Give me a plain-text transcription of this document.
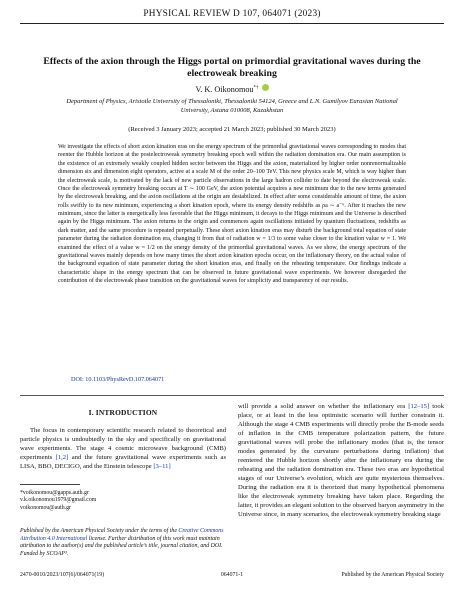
PHYSICAL REVIEW D 107, 064071 (2023)
Effects of the axion through the Higgs portal on primordial gravitational waves during the electroweak breaking
V. K. Oikonomou*†
Department of Physics, Aristotle University of Thessaloniki, Thessaloniki 54124, Greece and L.N. Gumilyov Eurasian National University, Astana 010008, Kazakhstan
(Received 3 January 2023; accepted 21 March 2023; published 30 March 2023)
We investigate the effects of short axion kination eras on the energy spectrum of the primordial gravitational waves corresponding to modes that reenter the Hubble horizon at the postelectroweak symmetry breaking epoch well within the radiation domination era. Our main assumption is the existence of an extremely weakly coupled hidden sector between the Higgs and the axion, materialized by higher order nonrenormalizable dimension six and dimension eight operators, active at a scale M of the order 20–100 TeV. This new physics scale M, which is way higher than the electroweak scale, is motivated by the lack of new particle observations in the large hadron collider to date beyond the electroweak scale. Once the electroweak symmetry breaking occurs at T ∼ 100 GeV, the axion potential acquires a new minimum due to the new terms generated by the electroweak breaking, and the axion oscillations at the origin are destabilized. In effect after some considerable amount of time, the axion rolls swiftly to its new minimum, experiencing a short kination epoch, where its energy density redshifts as ρa ∼ a⁻⁶. After it reaches the new minimum, since the latter is energetically less favorable that the Higgs minimum, it decays to the Higgs minimum and the Universe is described again by the Higgs minimum. The axion returns to the origin and commences again oscillations initiated by quantum fluctuations, redshifts as dark matter, and the same procedure is repeated perpetually. These short axion kination eras may disturb the background total equation of state parameter during the radiation domination era, changing it from that of radiation w = 1/3 to some value closer to the kination value w = 1. We examined the effect of a value w = 1/2 on the energy density of the primordial gravitational waves. As we show, the energy spectrum of the gravitational waves mainly depends on how many times the short axion kination epochs occur, on the inflationary theory, on the actual value of the background equation of state parameter during the short kination eras, and finally on the reheating temperature. Our findings indicate a characteristic shape in the energy spectrum that can be observed in future gravitational wave experiments. We however disregarded the contribution of the electroweak phase transition on the gravitational waves for simplicity and transparency of our results.
DOI: 10.1103/PhysRevD.107.064071
I. INTRODUCTION
The focus in contemporary scientific research related to theoretical and particle physics is undoubtedly in the sky and specifically on gravitational wave experiments. The stage 4 cosmic microwave background (CMB) experiments [1,2] and the future gravitational wave experiments such as LISA, BBO, DECIGO, and the Einstein telescope [3–11]
*voikonomou@gapps.auth.gr
v.k.oikonomou1979@gmail.com
voikonomou@auth.gr
Published by the American Physical Society under the terms of the Creative Commons Attribution 4.0 International license. Further distribution of this work must maintain attribution to the author(s) and the published article’s title, journal citation, and DOI. Funded by SCOAP³.
will provide a solid answer on whether the inflationary era [12–15] took place, or at least in the less optimistic scenario will further constrain it. Although the stage 4 CMB experiments will directly probe the B-mode seeds of inflation in the CMB temperature polarization pattern, the future gravitational waves will probe the inflationary modes (that is, the tensor modes generated by the curvature perturbations during inflation) that reentered the Hubble horizon shortly after the inflationary era during the reheating and the radiation domination era. These two eras are hypothetical stages of our Universe’s evolution, which are quite mysterious themselves. During the radiation era it is theorized that many hypothetical phenomena like the electroweak symmetry breaking have taken place. Regarding the latter, it provides an elegant solution to the observed baryon asymmetry in the Universe since, in many scenarios, the electroweak symmetry breaking stage
2470-0010/2023/107(6)/064071(19)	064071-1	Published by the American Physical Society
